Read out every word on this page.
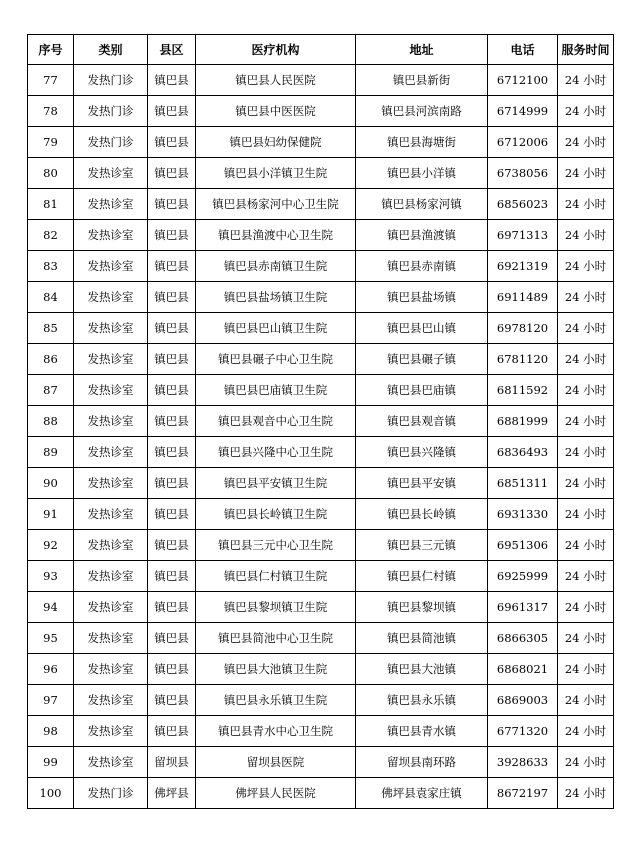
序号	类别	县区	医疗机构	地址	电话	服务时间
77	发热门诊	镇巴县	镇巴县人民医院	镇巴县新街	6712100	24 小时
78	发热门诊	镇巴县	镇巴县中医医院	镇巴县河滨南路	6714999	24 小时
79	发热门诊	镇巴县	镇巴县妇幼保健院	镇巴县海塘街	6712006	24 小时
80	发热诊室	镇巴县	镇巴县小洋镇卫生院	镇巴县小洋镇	6738056	24 小时
81	发热诊室	镇巴县	镇巴县杨家河中心卫生院	镇巴县杨家河镇	6856023	24 小时
82	发热诊室	镇巴县	镇巴县渔渡中心卫生院	镇巴县渔渡镇	6971313	24 小时
83	发热诊室	镇巴县	镇巴县赤南镇卫生院	镇巴县赤南镇	6921319	24 小时
84	发热诊室	镇巴县	镇巴县盐场镇卫生院	镇巴县盐场镇	6911489	24 小时
85	发热诊室	镇巴县	镇巴县巴山镇卫生院	镇巴县巴山镇	6978120	24 小时
86	发热诊室	镇巴县	镇巴县碾子中心卫生院	镇巴县碾子镇	6781120	24 小时
87	发热诊室	镇巴县	镇巴县巴庙镇卫生院	镇巴县巴庙镇	6811592	24 小时
88	发热诊室	镇巴县	镇巴县观音中心卫生院	镇巴县观音镇	6881999	24 小时
89	发热诊室	镇巴县	镇巴县兴隆中心卫生院	镇巴县兴隆镇	6836493	24 小时
90	发热诊室	镇巴县	镇巴县平安镇卫生院	镇巴县平安镇	6851311	24 小时
91	发热诊室	镇巴县	镇巴县长岭镇卫生院	镇巴县长岭镇	6931330	24 小时
92	发热诊室	镇巴县	镇巴县三元中心卫生院	镇巴县三元镇	6951306	24 小时
93	发热诊室	镇巴县	镇巴县仁村镇卫生院	镇巴县仁村镇	6925999	24 小时
94	发热诊室	镇巴县	镇巴县黎坝镇卫生院	镇巴县黎坝镇	6961317	24 小时
95	发热诊室	镇巴县	镇巴县简池中心卫生院	镇巴县简池镇	6866305	24 小时
96	发热诊室	镇巴县	镇巴县大池镇卫生院	镇巴县大池镇	6868021	24 小时
97	发热诊室	镇巴县	镇巴县永乐镇卫生院	镇巴县永乐镇	6869003	24 小时
98	发热诊室	镇巴县	镇巴县青水中心卫生院	镇巴县青水镇	6771320	24 小时
99	发热诊室	留坝县	留坝县医院	留坝县南环路	3928633	24 小时
100	发热门诊	佛坪县	佛坪县人民医院	佛坪县袁家庄镇	8672197	24 小时
